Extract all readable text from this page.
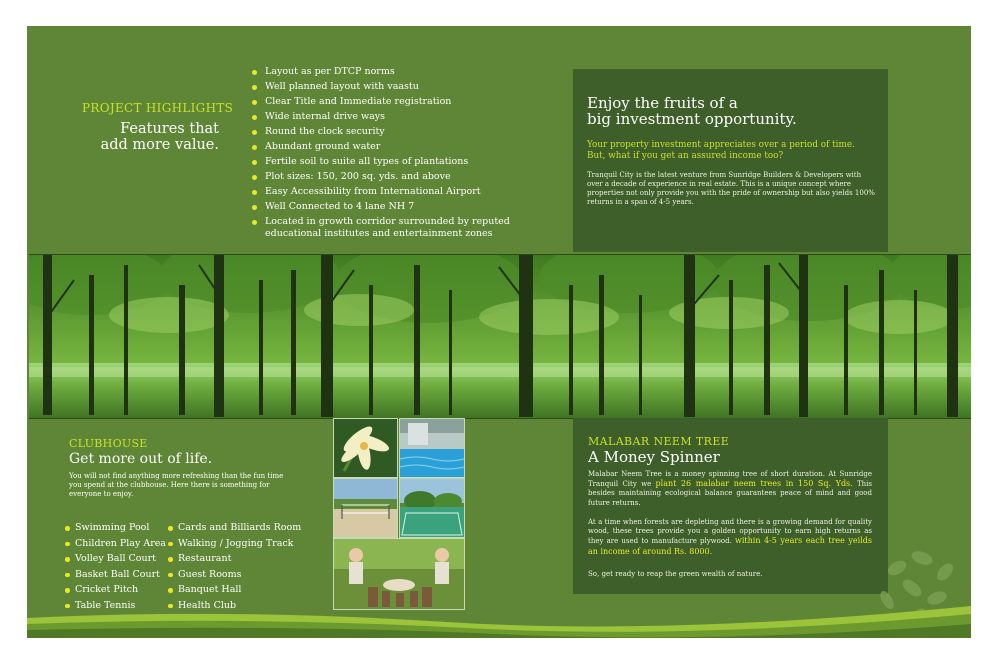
PROJECT HIGHLIGHTS
Features that
add more value.
Layout as per DTCP norms
Well planned layout with vaastu
Clear Title and Immediate registration
Wide internal drive ways
Round the clock security
Abundant ground water
Fertile soil to suite all types of plantations
Plot sizes: 150, 200 sq. yds. and above
Easy Accessibility from International Airport
Well Connected to 4 lane NH 7
Located in growth corridor surrounded by reputed educational institutes and entertainment zones
Enjoy the fruits of a
big investment opportunity.
Your property investment appreciates over a period of time. But, what if you get an assured income too?
Tranquil City is the latest venture from Sunridge Builders & Developers with over a decade of experience in real estate. This is a unique concept where properties not only provide you with the pride of ownership but also yields 100% returns in a span of 4-5 years.
CLUBHOUSE
Get more out of life.
You will not find anything more refreshing than the fun time you spend at the clubhouse. Here there is something for everyone to enjoy.
Swimming Pool
Children Play Area
Volley Ball Court
Basket Ball Court
Cricket Pitch
Table Tennis
Cards and Billiards Room
Walking / Jogging Track
Restaurant
Guest Rooms
Banquet Hall
Health Club
MALABAR NEEM TREE
A Money Spinner
Malabar Neem Tree is a money spinning tree of short duration. At Sunridge Tranquil City we plant 26 malabar neem trees in 150 Sq. Yds. This besides maintaining ecological balance guarantees peace of mind and good future returns.
At a time when forests are depleting and there is a growing demand for quality wood, these trees provide you a golden opportunity to earn high returns as they are used to manufacture plywood. within 4-5 years each tree yeilds an income of around Rs. 8000.
So, get ready to reap the green wealth of nature.
